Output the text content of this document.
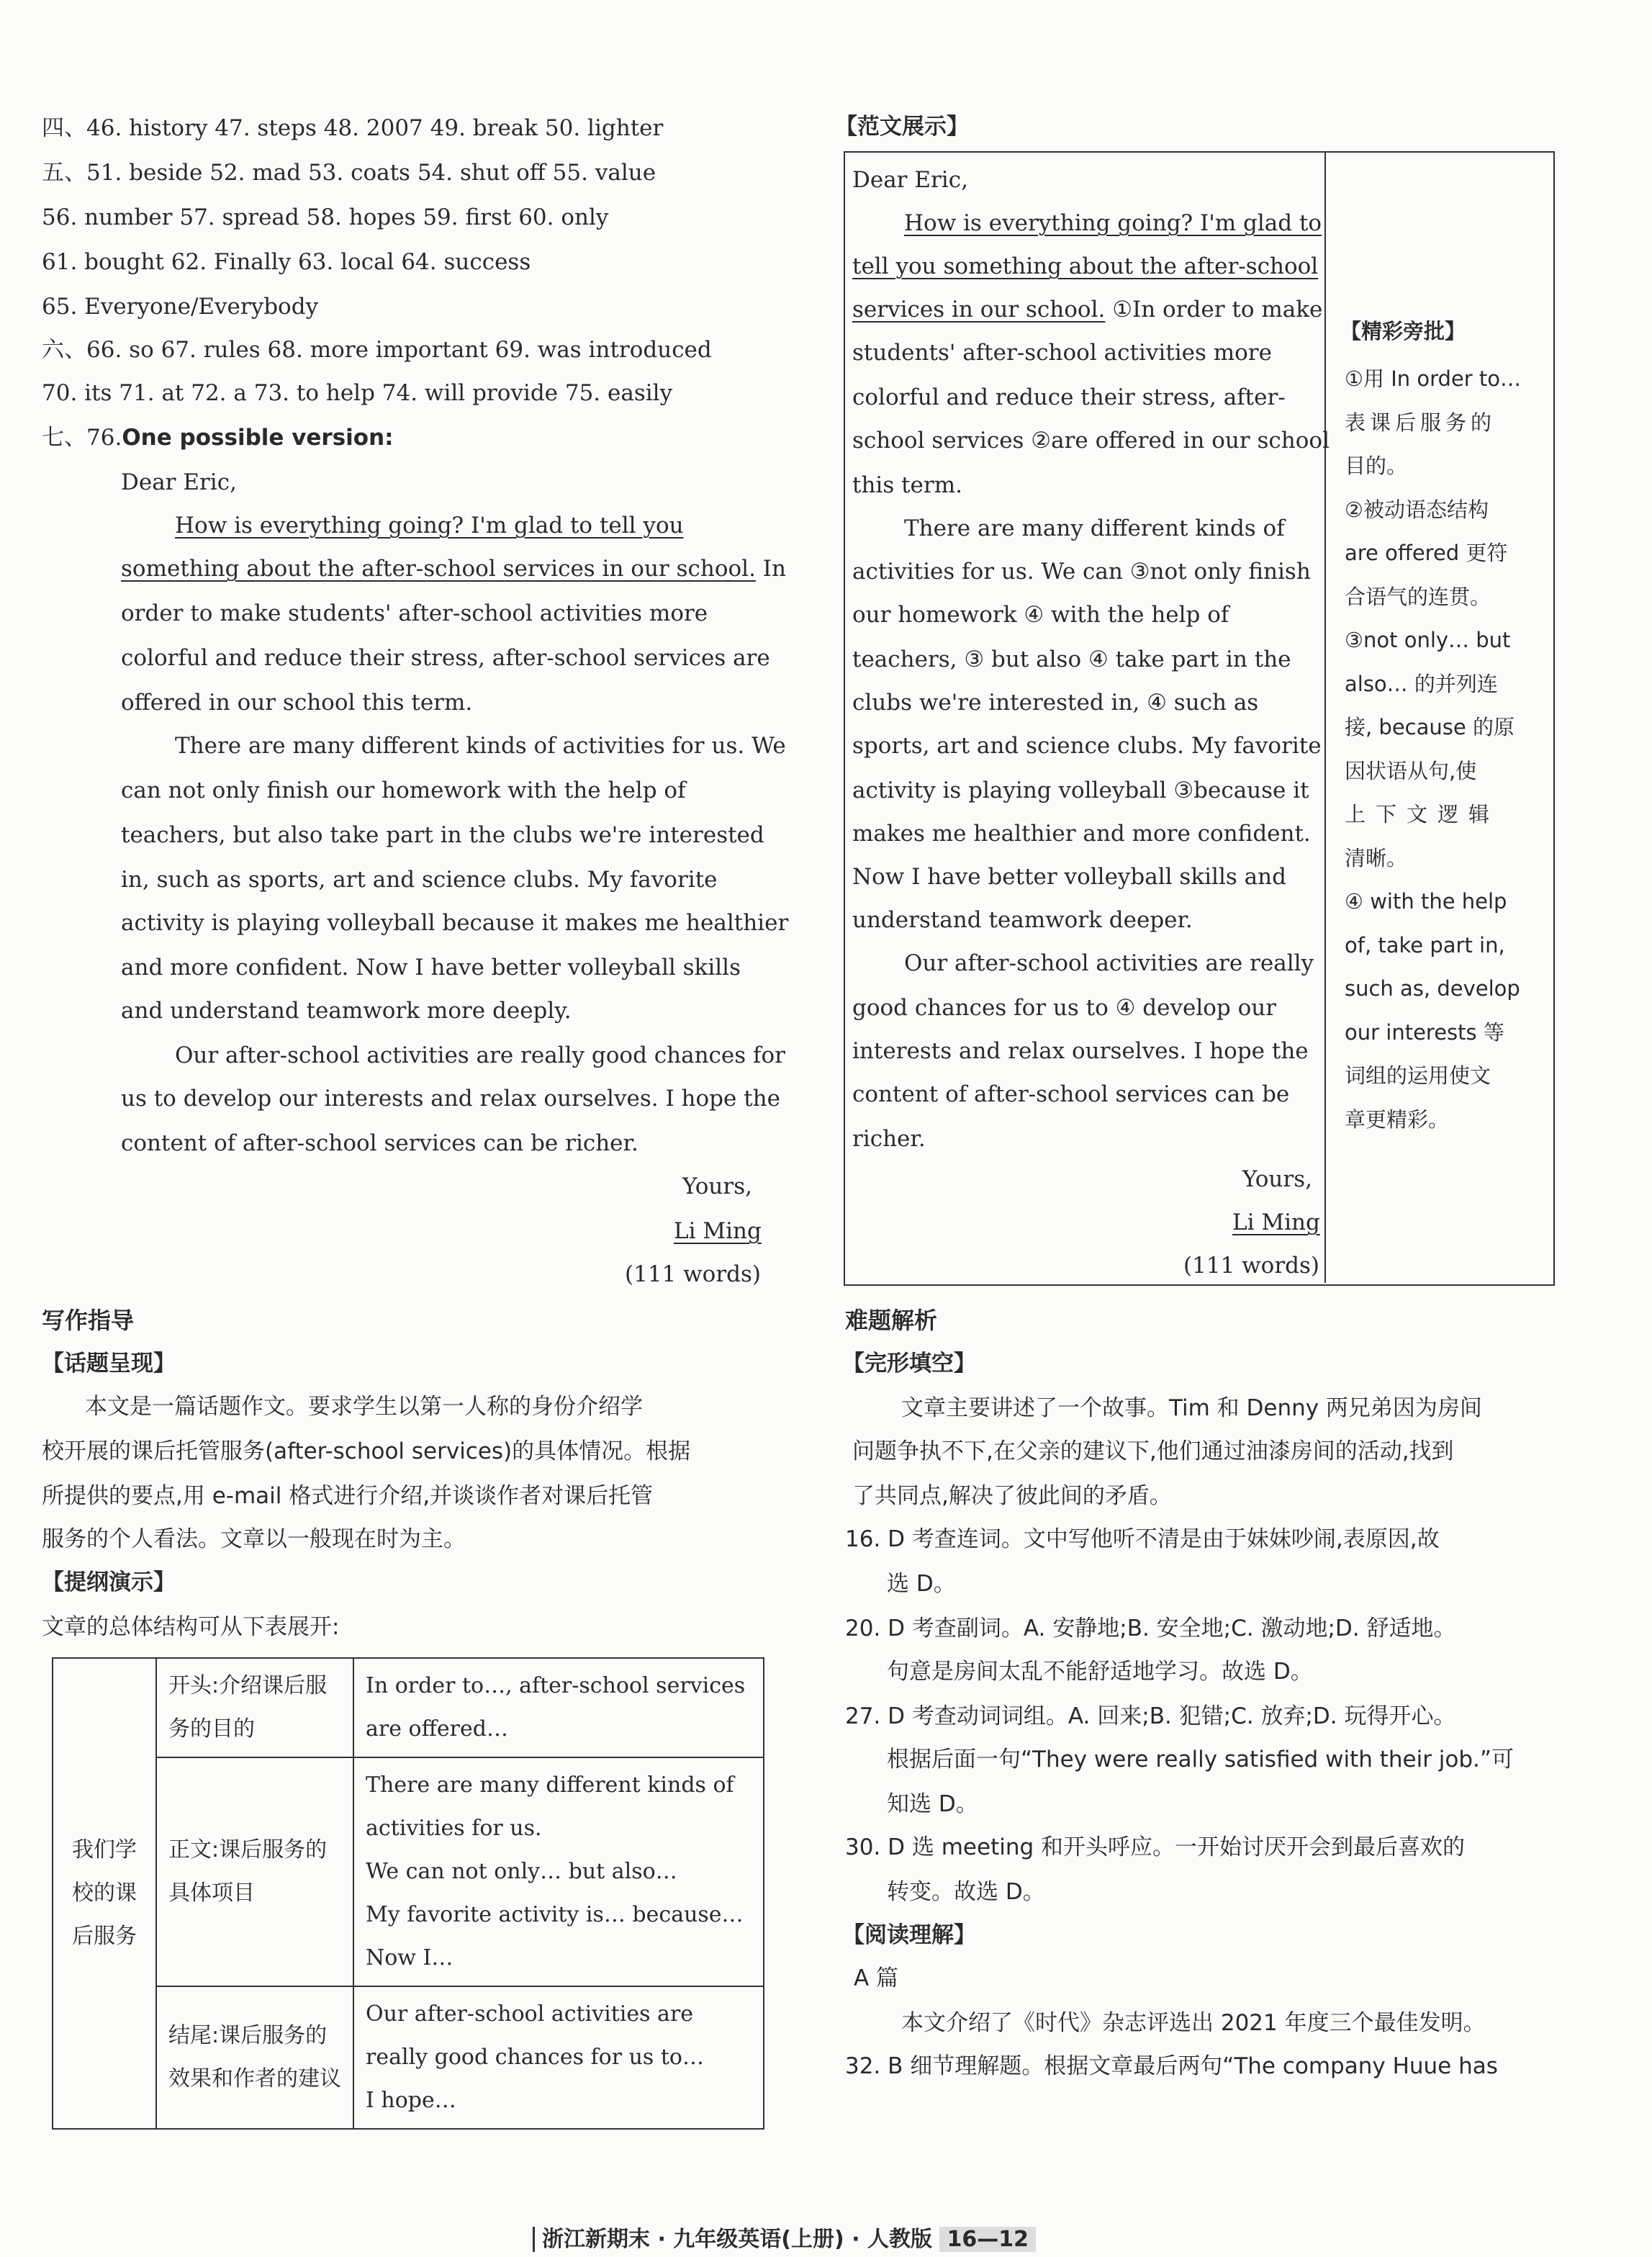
四、46. history 47. steps 48. 2007 49. break 50. lighter
五、51. beside 52. mad 53. coats 54. shut off 55. value
56. number 57. spread 58. hopes 59. first 60. only
61. bought 62. Finally 63. local 64. success
65. Everyone/Everybody
六、66. so 67. rules 68. more important 69. was introduced
70. its 71. at 72. a 73. to help 74. will provide 75. easily
七、76.One possible version:
Dear Eric,
How is everything going? I'm glad to tell you
something about the after-school services in our school. In
order to make students' after-school activities more
colorful and reduce their stress, after-school services are
offered in our school this term.
There are many different kinds of activities for us. We
can not only finish our homework with the help of
teachers, but also take part in the clubs we're interested
in, such as sports, art and science clubs. My favorite
activity is playing volleyball because it makes me healthier
and more confident. Now I have better volleyball skills
and understand teamwork more deeply.
Our after-school activities are really good chances for
us to develop our interests and relax ourselves. I hope the
content of after-school services can be richer.
Yours,
Li Ming
(111 words)
写作指导
【话题呈现】
本文是一篇话题作文。要求学生以第一人称的身份介绍学
校开展的课后托管服务(after-school services)的具体情况。根据
所提供的要点,用 e-mail 格式进行介绍,并谈谈作者对课后托管
服务的个人看法。文章以一般现在时为主。
【提纲演示】
文章的总体结构可从下表展开:
我们学校的课后服务	开头:介绍课后服务的目的	In order to…, after-school services
are offered…

	正文:课后服务的具体项目	There are many different kinds of
activities for us.
We can not only… but also…
My favorite activity is… because…
Now I…

	结尾:课后服务的效果和作者的建议	Our after-school activities are
really good chances for us to…
I hope…
【范文展示】
Dear Eric,
How is everything going? I'm glad to
tell you something about the after-school
services in our school. ①In order to make
students' after-school activities more
colorful and reduce their stress, after-
school services ②are offered in our school
this term.
There are many different kinds of
activities for us. We can ③not only finish
our homework ④ with the help of
teachers, ③ but also ④ take part in the
clubs we're interested in, ④ such as
sports, art and science clubs. My favorite
activity is playing volleyball ③because it
makes me healthier and more confident.
Now I have better volleyball skills and
understand teamwork deeper.
Our after-school activities are really
good chances for us to ④ develop our
interests and relax ourselves. I hope the
content of after-school services can be
richer.
Yours,
Li Ming
(111 words)
【精彩旁批】
①用 In order to…
表课后服务的
目的。
②被动语态结构
are offered 更符
合语气的连贯。
③not only… but
also… 的并列连
接, because 的原
因状语从句,使
上下文逻辑
清晰。
④ with the help
of, take part in,
such as, develop
our interests 等
词组的运用使文
章更精彩。
难题解析
【完形填空】
文章主要讲述了一个故事。Tim 和 Denny 两兄弟因为房间
问题争执不下,在父亲的建议下,他们通过油漆房间的活动,找到
了共同点,解决了彼此间的矛盾。
16. D 考查连词。文中写他听不清是由于妹妹吵闹,表原因,故
选 D。
20. D 考查副词。A. 安静地;B. 安全地;C. 激动地;D. 舒适地。
句意是房间太乱不能舒适地学习。故选 D。
27. D 考查动词词组。A. 回来;B. 犯错;C. 放弃;D. 玩得开心。
根据后面一句“They were really satisfied with their job.”可
知选 D。
30. D 选 meeting 和开头呼应。一开始讨厌开会到最后喜欢的
转变。故选 D。
【阅读理解】
A 篇
本文介绍了《时代》杂志评选出 2021 年度三个最佳发明。
32. B 细节理解题。根据文章最后两句“The company Huue has
浙江新期末 · 九年级英语(上册) · 人教版 16—12
